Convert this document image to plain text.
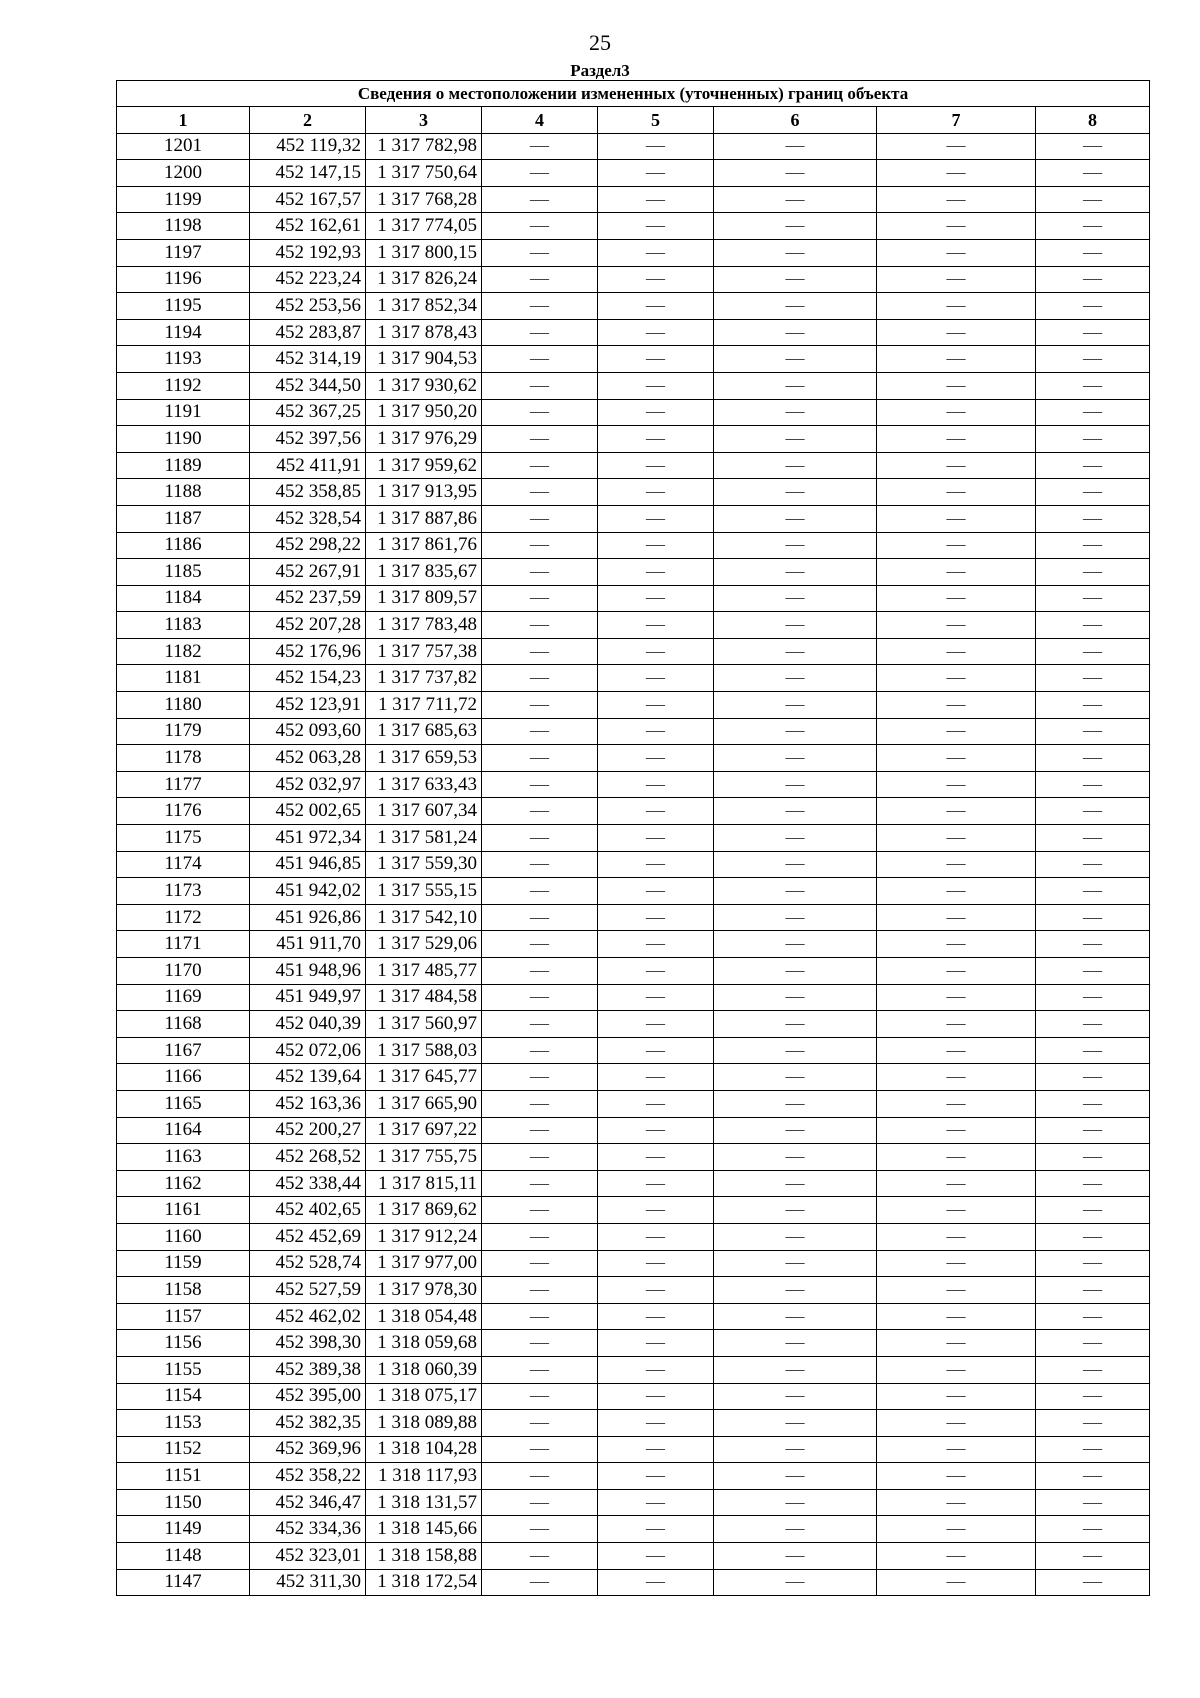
25
Раздел3
Сведения о местоположении измененных (уточненных) границ объекта							
1	2	3	4	5	6	7	8
1201	452 119,32	1 317 782,98	—	—	—	—	—
1200	452 147,15	1 317 750,64	—	—	—	—	—
1199	452 167,57	1 317 768,28	—	—	—	—	—
1198	452 162,61	1 317 774,05	—	—	—	—	—
1197	452 192,93	1 317 800,15	—	—	—	—	—
1196	452 223,24	1 317 826,24	—	—	—	—	—
1195	452 253,56	1 317 852,34	—	—	—	—	—
1194	452 283,87	1 317 878,43	—	—	—	—	—
1193	452 314,19	1 317 904,53	—	—	—	—	—
1192	452 344,50	1 317 930,62	—	—	—	—	—
1191	452 367,25	1 317 950,20	—	—	—	—	—
1190	452 397,56	1 317 976,29	—	—	—	—	—
1189	452 411,91	1 317 959,62	—	—	—	—	—
1188	452 358,85	1 317 913,95	—	—	—	—	—
1187	452 328,54	1 317 887,86	—	—	—	—	—
1186	452 298,22	1 317 861,76	—	—	—	—	—
1185	452 267,91	1 317 835,67	—	—	—	—	—
1184	452 237,59	1 317 809,57	—	—	—	—	—
1183	452 207,28	1 317 783,48	—	—	—	—	—
1182	452 176,96	1 317 757,38	—	—	—	—	—
1181	452 154,23	1 317 737,82	—	—	—	—	—
1180	452 123,91	1 317 711,72	—	—	—	—	—
1179	452 093,60	1 317 685,63	—	—	—	—	—
1178	452 063,28	1 317 659,53	—	—	—	—	—
1177	452 032,97	1 317 633,43	—	—	—	—	—
1176	452 002,65	1 317 607,34	—	—	—	—	—
1175	451 972,34	1 317 581,24	—	—	—	—	—
1174	451 946,85	1 317 559,30	—	—	—	—	—
1173	451 942,02	1 317 555,15	—	—	—	—	—
1172	451 926,86	1 317 542,10	—	—	—	—	—
1171	451 911,70	1 317 529,06	—	—	—	—	—
1170	451 948,96	1 317 485,77	—	—	—	—	—
1169	451 949,97	1 317 484,58	—	—	—	—	—
1168	452 040,39	1 317 560,97	—	—	—	—	—
1167	452 072,06	1 317 588,03	—	—	—	—	—
1166	452 139,64	1 317 645,77	—	—	—	—	—
1165	452 163,36	1 317 665,90	—	—	—	—	—
1164	452 200,27	1 317 697,22	—	—	—	—	—
1163	452 268,52	1 317 755,75	—	—	—	—	—
1162	452 338,44	1 317 815,11	—	—	—	—	—
1161	452 402,65	1 317 869,62	—	—	—	—	—
1160	452 452,69	1 317 912,24	—	—	—	—	—
1159	452 528,74	1 317 977,00	—	—	—	—	—
1158	452 527,59	1 317 978,30	—	—	—	—	—
1157	452 462,02	1 318 054,48	—	—	—	—	—
1156	452 398,30	1 318 059,68	—	—	—	—	—
1155	452 389,38	1 318 060,39	—	—	—	—	—
1154	452 395,00	1 318 075,17	—	—	—	—	—
1153	452 382,35	1 318 089,88	—	—	—	—	—
1152	452 369,96	1 318 104,28	—	—	—	—	—
1151	452 358,22	1 318 117,93	—	—	—	—	—
1150	452 346,47	1 318 131,57	—	—	—	—	—
1149	452 334,36	1 318 145,66	—	—	—	—	—
1148	452 323,01	1 318 158,88	—	—	—	—	—
1147	452 311,30	1 318 172,54	—	—	—	—	—
